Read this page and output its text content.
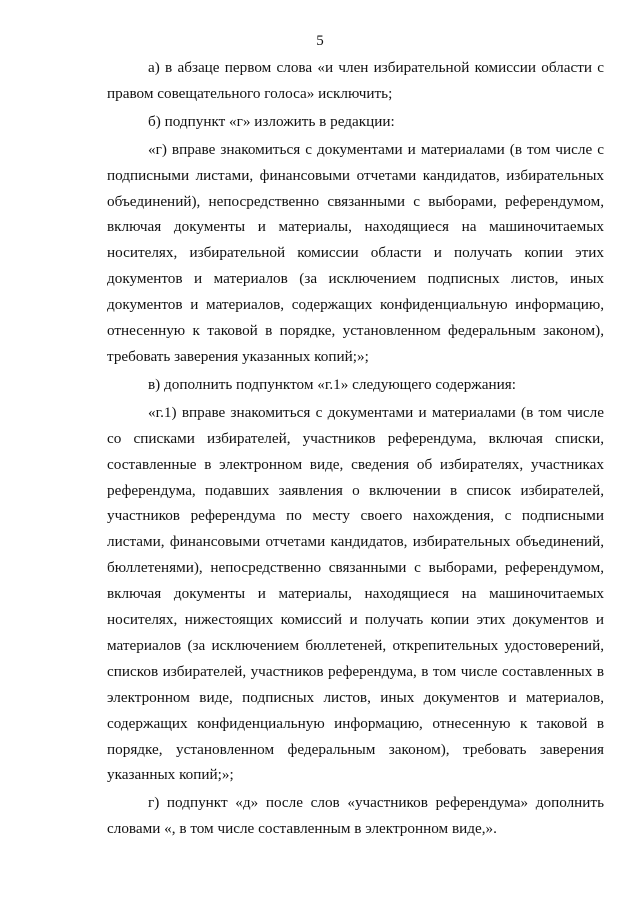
5

а) в абзаце первом слова «и член избирательной комиссии области с правом совещательного голоса» исключить;

б) подпункт «г» изложить в редакции:

«г) вправе знакомиться с документами и материалами (в том числе с подписными листами, финансовыми отчетами кандидатов, избирательных объединений), непосредственно связанными с выборами, референдумом, включая документы и материалы, находящиеся на машиночитаемых носителях, избирательной комиссии области и получать копии этих документов и материалов (за исключением подписных листов, иных документов и материалов, содержащих конфиденциальную информацию, отнесенную к таковой в порядке, установленном федеральным законом), требовать заверения указанных копий;»;

в) дополнить подпунктом «г.1» следующего содержания:

«г.1) вправе знакомиться с документами и материалами (в том числе со списками избирателей, участников референдума, включая списки, составленные в электронном виде, сведения об избирателях, участниках референдума, подавших заявления о включении в список избирателей, участников референдума по месту своего нахождения, с подписными листами, финансовыми отчетами кандидатов, избирательных объединений, бюллетенями), непосредственно связанными с выборами, референдумом, включая документы и материалы, находящиеся на машиночитаемых носителях, нижестоящих комиссий и получать копии этих документов и материалов (за исключением бюллетеней, открепительных удостоверений, списков избирателей, участников референдума, в том числе составленных в электронном виде, подписных листов, иных документов и материалов, содержащих конфиденциальную информацию, отнесенную к таковой в порядке, установленном федеральным законом), требовать заверения указанных копий;»;

г) подпункт «д» после слов «участников референдума» дополнить словами «, в том числе составленным в электронном виде,».
